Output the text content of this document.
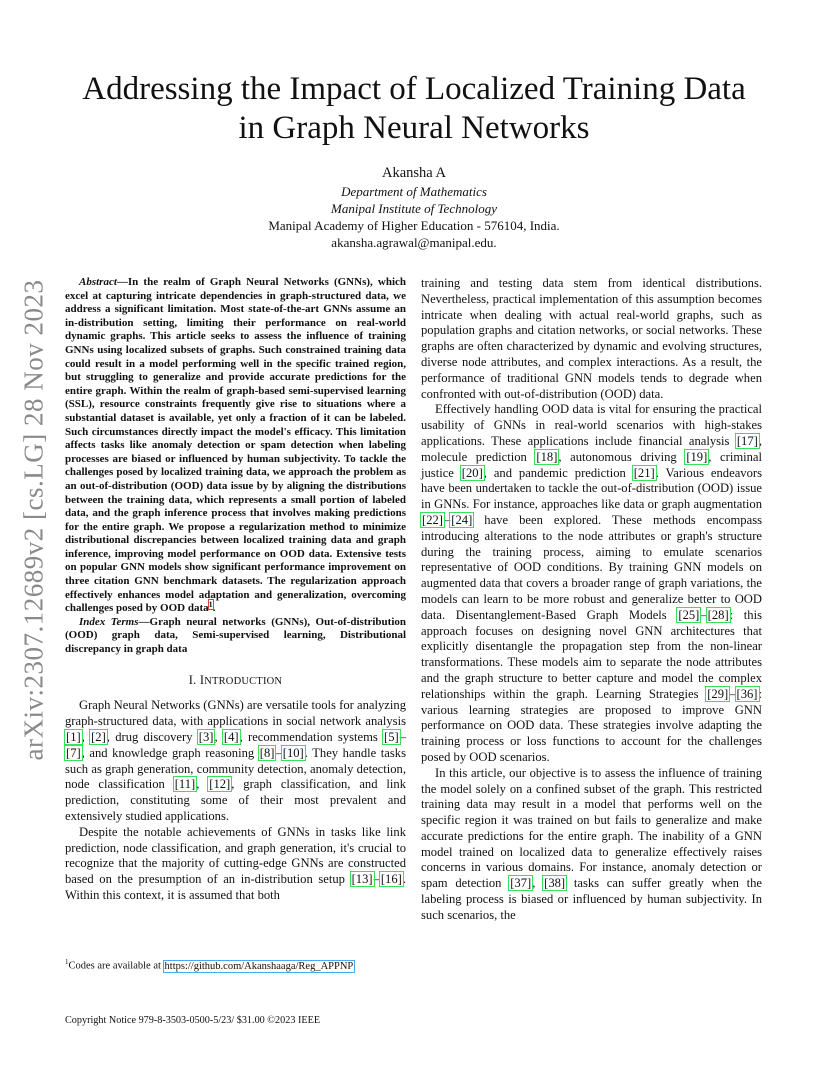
arXiv:2307.12689v2 [cs.LG] 28 Nov 2023
Addressing the Impact of Localized Training Data
in Graph Neural Networks
Akansha A
Department of Mathematics
Manipal Institute of Technology
Manipal Academy of Higher Education - 576104, India.
akansha.agrawal@manipal.edu.

Abstract—In the realm of Graph Neural Networks (GNNs), which excel at capturing intricate dependencies in graph-structured data, we address a significant limitation. Most state-of-the-art GNNs assume an in-distribution setting, limiting their performance on real-world dynamic graphs. This article seeks to assess the influence of training GNNs using localized subsets of graphs. Such constrained training data could result in a model performing well in the specific trained region, but struggling to generalize and provide accurate predictions for the entire graph. Within the realm of graph-based semi-supervised learning (SSL), resource constraints frequently give rise to situations where a substantial dataset is available, yet only a fraction of it can be labeled. Such circumstances directly impact the model's efficacy. This limitation affects tasks like anomaly detection or spam detection when labeling processes are biased or influenced by human subjectivity. To tackle the challenges posed by localized training data, we approach the problem as an out-of-distribution (OOD) data issue by by aligning the distributions between the training data, which represents a small portion of labeled data, and the graph inference process that involves making predictions for the entire graph. We propose a regularization method to minimize distributional discrepancies between localized training data and graph inference, improving model performance on OOD data. Extensive tests on popular GNN models show significant performance improvement on three citation GNN benchmark datasets. The regularization approach effectively enhances model adaptation and generalization, overcoming challenges posed by OOD data$^1$.

Index Terms—Graph neural networks (GNNs), Out-of-distribution (OOD) graph data, Semi-supervised learning, Distributional discrepancy in graph data

I. INTRODUCTION

Graph Neural Networks (GNNs) are versatile tools for analyzing graph-structured data, with applications in social network analysis [1], [2], drug discovery [3], [4], recommendation systems [5]–[7], and knowledge graph reasoning [8]–[10]. They handle tasks such as graph generation, community detection, anomaly detection, node classification [11], [12], graph classification, and link prediction, constituting some of their most prevalent and extensively studied applications.

Despite the notable achievements of GNNs in tasks like link prediction, node classification, and graph generation, it's crucial to recognize that the majority of cutting-edge GNNs are constructed based on the presumption of an in-distribution setup [13]–[16]. Within this context, it is assumed that both

$^1$Codes are available at https://github.com/Akanshaaga/Reg_APPNP

training and testing data stem from identical distributions. Nevertheless, practical implementation of this assumption becomes intricate when dealing with actual real-world graphs, such as population graphs and citation networks, or social networks. These graphs are often characterized by dynamic and evolving structures, diverse node attributes, and complex interactions. As a result, the performance of traditional GNN models tends to degrade when confronted with out-of-distribution (OOD) data.

Effectively handling OOD data is vital for ensuring the practical usability of GNNs in real-world scenarios with high-stakes applications. These applications include financial analysis [17], molecule prediction [18], autonomous driving [19], criminal justice [20], and pandemic prediction [21]. Various endeavors have been undertaken to tackle the out-of-distribution (OOD) issue in GNNs. For instance, approaches like data or graph augmentation [22]–[24] have been explored. These methods encompass introducing alterations to the node attributes or graph's structure during the training process, aiming to emulate scenarios representative of OOD conditions. By training GNN models on augmented data that covers a broader range of graph variations, the models can learn to be more robust and generalize better to OOD data. Disentanglement-Based Graph Models [25]–[28]: this approach focuses on designing novel GNN architectures that explicitly disentangle the propagation step from the non-linear transformations. These models aim to separate the node attributes and the graph structure to better capture and model the complex relationships within the graph. Learning Strategies [29]–[36]: various learning strategies are proposed to improve GNN performance on OOD data. These strategies involve adapting the training process or loss functions to account for the challenges posed by OOD scenarios.

In this article, our objective is to assess the influence of training the model solely on a confined subset of the graph. This restricted training data may result in a model that performs well on the specific region it was trained on but fails to generalize and make accurate predictions for the entire graph. The inability of a GNN model trained on localized data to generalize effectively raises concerns in various domains. For instance, anomaly detection or spam detection [37], [38] tasks can suffer greatly when the labeling process is biased or influenced by human subjectivity. In such scenarios, the

Copyright Notice 979-8-3503-0500-5/23/ $31.00 ©2023 IEEE
